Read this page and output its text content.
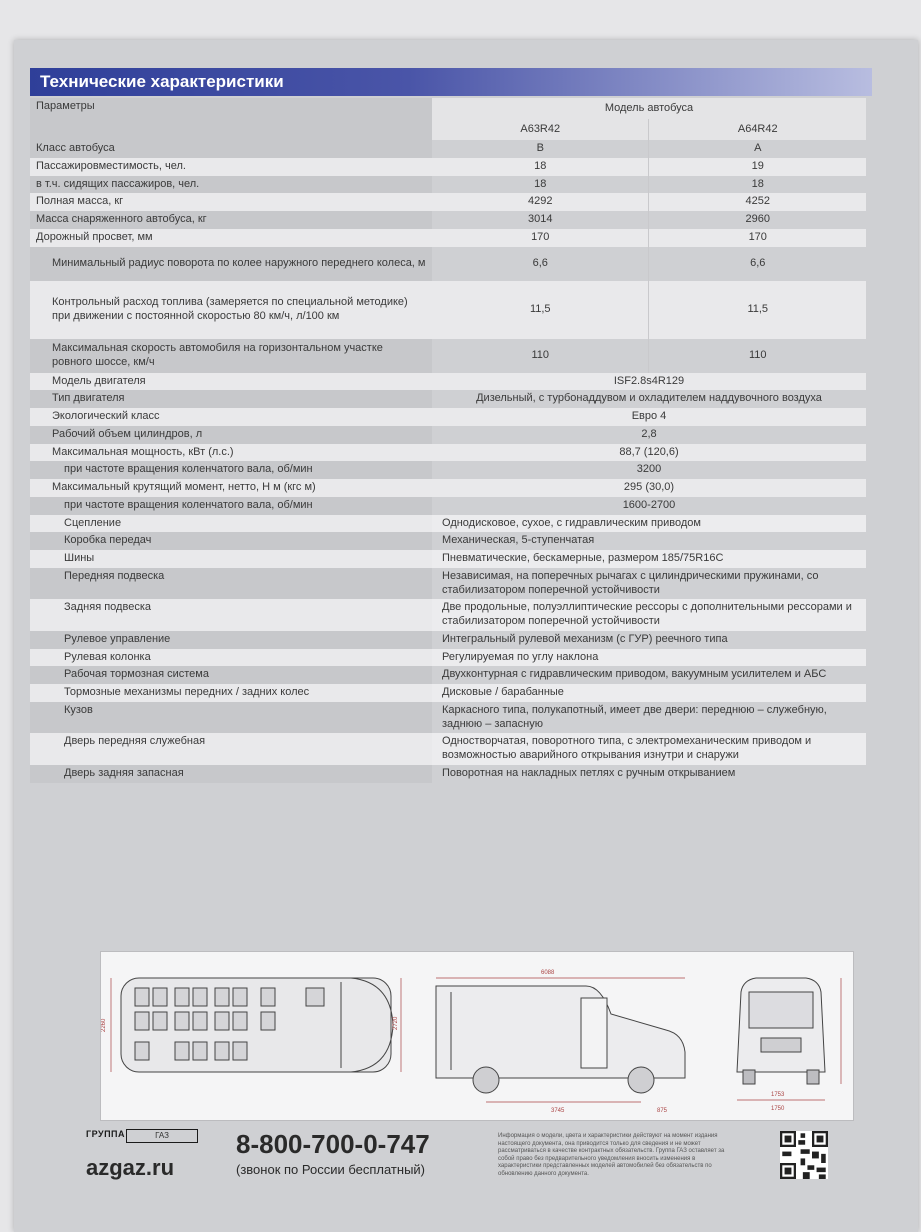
Технические характеристики
Параметры	Модель автобуса	
	А63R42	А64R42
Класс автобуса	B	A
Пассажировместимость, чел.	18	19
в т.ч. сидящих пассажиров, чел.	18	18
Полная масса, кг	4292	4252
Масса снаряженного автобуса, кг	3014	2960
Дорожный просвет, мм	170	170
Минимальный радиус поворота по колее наружного переднего колеса, м	6,6	6,6
Контрольный расход топлива (замеряется по специальной методике) при движении с постоянной скоростью 80 км/ч, л/100 км	11,5	11,5
Максимальная скорость автомобиля на горизонтальном участке ровного шоссе, км/ч	110	110
Модель двигателя	ISF2.8s4R129	
Тип двигателя	Дизельный, с турбонаддувом и охладителем наддувочного воздуха	
Экологический класс	Евро 4	
Рабочий объем цилиндров, л	2,8	
Максимальная мощность, кВт (л.с.)	88,7 (120,6)	
при частоте вращения коленчатого вала, об/мин	3200	
Максимальный крутящий момент, нетто, Н м (кгс м)	295 (30,0)	
при частоте вращения коленчатого вала, об/мин	1600-2700	
Сцепление	Однодисковое, сухое, с гидравлическим приводом	
Коробка передач	Механическая, 5-ступенчатая	
Шины	Пневматические, бескамерные, размером 185/75R16C	
Передняя подвеска	Независимая, на поперечных рычагах с цилиндрическими пружинами, со стабилизатором поперечной устойчивости	
Задняя подвеска	Две продольные, полуэллиптические рессоры с дополнительными рессорами и стабилизатором поперечной устойчивости	
Рулевое управление	Интегральный рулевой механизм (с ГУР) реечного типа	
Рулевая колонка	Регулируемая по углу наклона	
Рабочая тормозная система	Двухконтурная с гидравлическим приводом, вакуумным усилителем и АБС	
Тормозные механизмы передних / задних колес	Дисковые / барабанные	
Кузов	Каркасного типа, полукапотный, имеет две двери: переднюю – служебную, заднюю – запасную	
Дверь передняя служебная	Одностворчатая, поворотного типа, с электромеханическим приводом и возможностью аварийного открывания изнутри и снаружи	
Дверь задняя запасная	Поворотная на накладных петлях с ручным открыванием	
2260	2720
6088
3745	875	1750
1753
ГРУППА	ГАЗ
azgaz.ru
8-800-700-0-747
(звонок по России бесплатный)
Информация о модели, цвета и характеристики действуют на момент издания настоящего документа, она приводится только для сведения и не может рассматриваться в качестве контрактных обязательств. Группа ГАЗ оставляет за собой право без предварительного уведомления вносить изменения в характеристики представленных моделей автомобилей без обязательств по обновлению данного документа.
